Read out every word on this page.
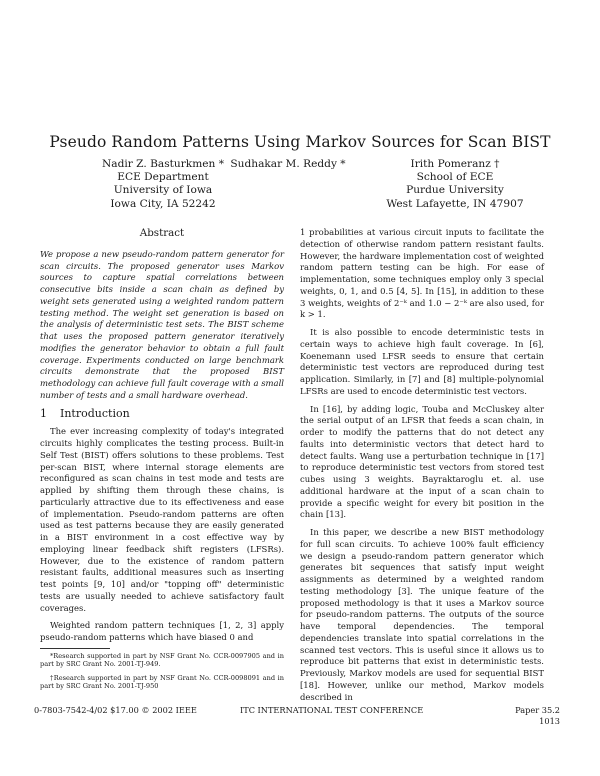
Pseudo Random Patterns Using Markov Sources for Scan BIST
Nadir Z. Basturkmen *
ECE Department
University of Iowa
Iowa City, IA 52242
Sudhakar M. Reddy *	Irith Pomeranz †
School of ECE
Purdue University
West Lafayette, IN 47907
Abstract

We propose a new pseudo-random pattern generator for scan circuits. The proposed generator uses Markov sources to capture spatial correlations between consecutive bits inside a scan chain as defined by weight sets generated using a weighted random pattern testing method. The weight set generation is based on the analysis of deterministic test sets. The BIST scheme that uses the proposed pattern generator iteratively modifies the generator behavior to obtain a full fault coverage. Experiments conducted on large benchmark circuits demonstrate that the proposed BIST methodology can achieve full fault coverage with a small number of tests and a small hardware overhead.

1 Introduction

The ever increasing complexity of today's integrated circuits highly complicates the testing process. Built-in Self Test (BIST) offers solutions to these problems. Test per-scan BIST, where internal storage elements are reconfigured as scan chains in test mode and tests are applied by shifting them through these chains, is particularly attractive due to its effectiveness and ease of implementation. Pseudo-random patterns are often used as test patterns because they are easily generated in a BIST environment in a cost effective way by employing linear feedback shift registers (LFSRs). However, due to the existence of random pattern resistant faults, additional measures such as inserting test points [9, 10] and/or "topping off" deterministic tests are usually needed to achieve satisfactory fault coverages.

Weighted random pattern techniques [1, 2, 3] apply pseudo-random patterns which have biased 0 and

*Research supported in part by NSF Grant No. CCR-0097905 and in part by SRC Grant No. 2001-TJ-949.

†Research supported in part by NSF Grant No. CCR-0098091 and in part by SRC Grant No. 2001-TJ-950

1 probabilities at various circuit inputs to facilitate the detection of otherwise random pattern resistant faults. However, the hardware implementation cost of weighted random pattern testing can be high. For ease of implementation, some techniques employ only 3 special weights, 0, 1, and 0.5 [4, 5]. In [15], in addition to these 3 weights, weights of 2⁻ᵏ and 1.0 − 2⁻ᵏ are also used, for k > 1.

It is also possible to encode deterministic tests in certain ways to achieve high fault coverage. In [6], Koenemann used LFSR seeds to ensure that certain deterministic test vectors are reproduced during test application. Similarly, in [7] and [8] multiple-polynomial LFSRs are used to encode deterministic test vectors.

In [16], by adding logic, Touba and McCluskey alter the serial output of an LFSR that feeds a scan chain, in order to modify the patterns that do not detect any faults into deterministic vectors that detect hard to detect faults. Wang use a perturbation technique in [17] to reproduce deterministic test vectors from stored test cubes using 3 weights. Bayraktaroglu et. al. use additional hardware at the input of a scan chain to provide a specific weight for every bit position in the chain [13].

In this paper, we describe a new BIST methodology for full scan circuits. To achieve 100% fault efficiency we design a pseudo-random pattern generator which generates bit sequences that satisfy input weight assignments as determined by a weighted random testing methodology [3]. The unique feature of the proposed methodology is that it uses a Markov source for pseudo-random patterns. The outputs of the source have temporal dependencies. The temporal dependencies translate into spatial correlations in the scanned test vectors. This is useful since it allows us to reproduce bit patterns that exist in deterministic tests. Previously, Markov models are used for sequential BIST [18]. However, unlike our method, Markov models described in

0-7803-7542-4/02 $17.00 © 2002 IEEE	ITC INTERNATIONAL TEST CONFERENCE	Paper 35.2
1013
